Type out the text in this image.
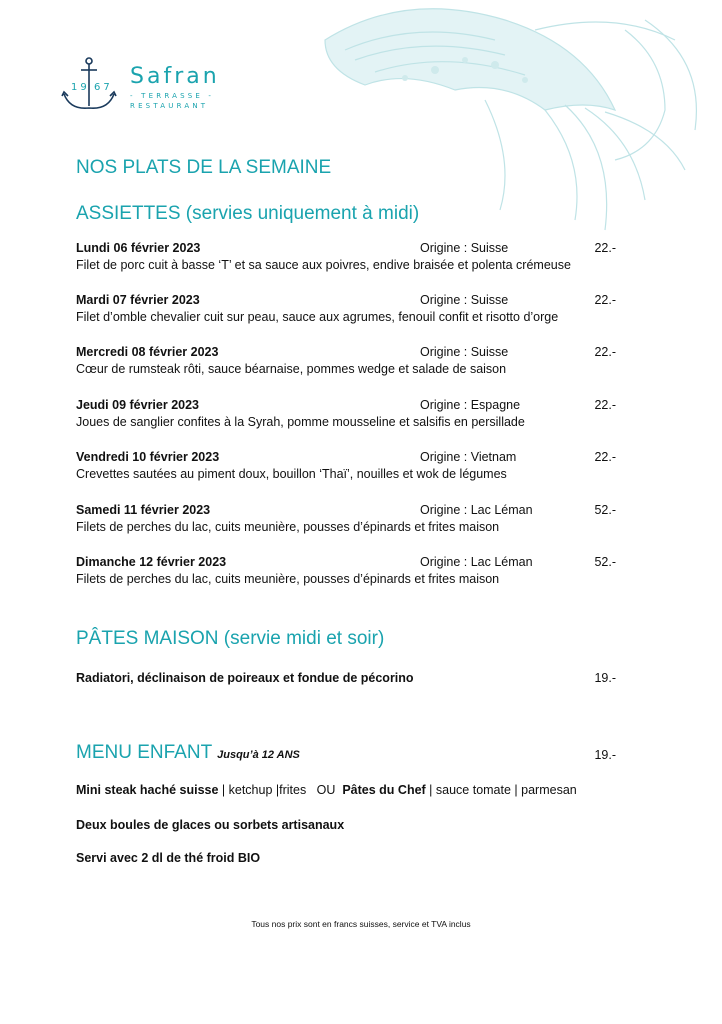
19 67 Safran
- TERRASSE -
RESTAURANT
NOS PLATS DE LA SEMAINE
ASSIETTES (servies uniquement à midi)
Lundi 06 février 2023	Origine : Suisse	22.-
Filet de porc cuit à basse ‘T’ et sa sauce aux poivres, endive braisée et polenta crémeuse
Mardi 07 février 2023	Origine : Suisse	22.-
Filet d’omble chevalier cuit sur peau, sauce aux agrumes, fenouil confit et risotto d’orge
Mercredi 08 février 2023	Origine : Suisse	22.-
Cœur de rumsteak rôti, sauce béarnaise, pommes wedge et salade de saison
Jeudi 09 février 2023	Origine : Espagne	22.-
Joues de sanglier confites à la Syrah, pomme mousseline et salsifis en persillade
Vendredi 10 février 2023	Origine : Vietnam	22.-
Crevettes sautées au piment doux, bouillon ‘Thaï’, nouilles et wok de légumes
Samedi 11 février 2023	Origine : Lac Léman	52.-
Filets de perches du lac, cuits meunière, pousses d’épinards et frites maison
Dimanche 12 février 2023	Origine : Lac Léman	52.-
Filets de perches du lac, cuits meunière, pousses d’épinards et frites maison
PÂTES MAISON (servie midi et soir)
Radiatori, déclinaison de poireaux et fondue de pécorino	19.-
MENU ENFANT Jusqu’à 12 ANS	19.-
Mini steak haché suisse | ketchup |frites   OU  Pâtes du Chef | sauce tomate | parmesan
Deux boules de glaces ou sorbets artisanaux
Servi avec 2 dl de thé froid BIO
Tous nos prix sont en francs suisses, service et TVA inclus
